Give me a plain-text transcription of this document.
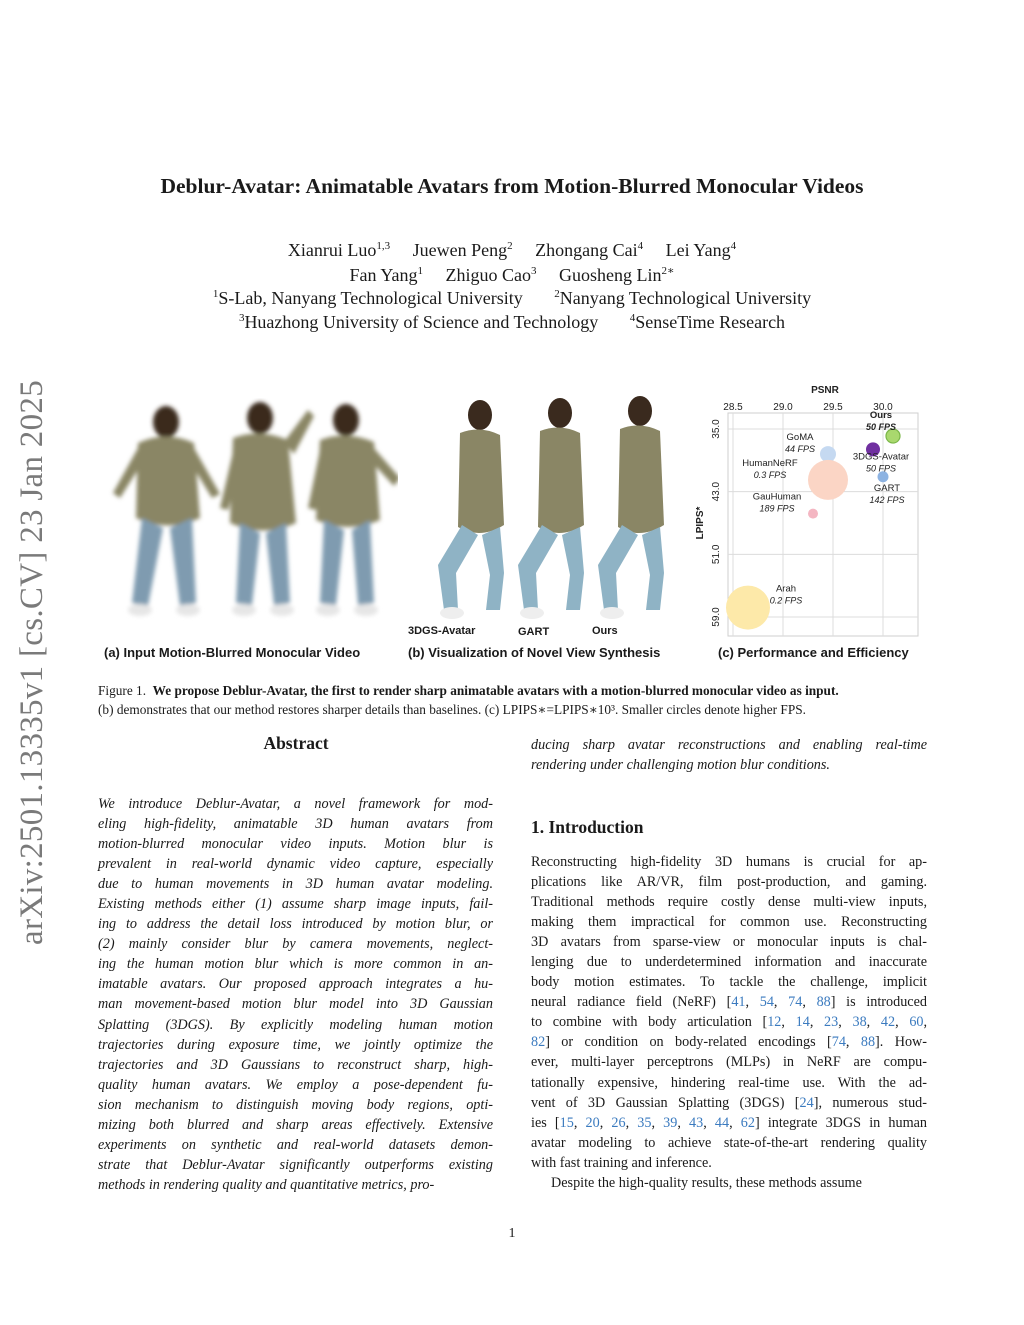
arXiv:2501.13335v1 [cs.CV] 23 Jan 2025
Deblur-Avatar: Animatable Avatars from Motion-Blurred Monocular Videos
Xianrui Luo$^{1,3}$ Juewen Peng$^2$ Zhongang Cai$^4$ Lei Yang$^4$
Fan Yang$^1$ Zhiguo Cao$^3$ Guosheng Lin$^{2∗}$
$^1$S-Lab, Nanyang Technological University	$^2$Nanyang Technological University
$^3$Huazhong University of Science and Technology	$^4$SenseTime Research
3DGS-Avatar	GART	Ours
PSNR
LPIPS*
28.5	29.0	29.5	30.0
35.0
43.0
51.0
59.0
Ours
50 FPS
3DGS-Avatar
50 FPS
GoMA
44 FPS
HumanNeRF
0.3 FPS
GART
142 FPS
GauHuman
189 FPS
Arah
0.2 FPS
(a) Input Motion-Blurred Monocular Video	(b) Visualization of Novel View Synthesis	(c) Performance and Efficiency
Figure 1. We propose Deblur-Avatar, the first to render sharp animatable avatars with a motion-blurred monocular video as input.
(b) demonstrates that our method restores sharper details than baselines. (c) LPIPS∗=LPIPS∗10³. Smaller circles denote higher FPS.
Abstract
We introduce Deblur-Avatar, a novel framework for mod-
eling high-fidelity, animatable 3D human avatars from
motion-blurred monocular video inputs. Motion blur is
prevalent in real-world dynamic video capture, especially
due to human movements in 3D human avatar modeling.
Existing methods either (1) assume sharp image inputs, fail-
ing to address the detail loss introduced by motion blur, or
(2) mainly consider blur by camera movements, neglect-
ing the human motion blur which is more common in an-
imatable avatars. Our proposed approach integrates a hu-
man movement-based motion blur model into 3D Gaussian
Splatting (3DGS). By explicitly modeling human motion
trajectories during exposure time, we jointly optimize the
trajectories and 3D Gaussians to reconstruct sharp, high-
quality human avatars. We employ a pose-dependent fu-
sion mechanism to distinguish moving body regions, opti-
mizing both blurred and sharp areas effectively. Extensive
experiments on synthetic and real-world datasets demon-
strate that Deblur-Avatar significantly outperforms existing
methods in rendering quality and quantitative metrics, pro-
ducing sharp avatar reconstructions and enabling real-time
rendering under challenging motion blur conditions.
1. Introduction
Reconstructing high-fidelity 3D humans is crucial for ap-
plications like AR/VR, film post-production, and gaming.
Traditional methods require costly dense multi-view inputs,
making them impractical for common use. Reconstructing
3D avatars from sparse-view or monocular inputs is chal-
lenging due to underdetermined information and inaccurate
body motion estimates. To tackle the challenge, implicit
neural radiance field (NeRF) [41, 54, 74, 88] is introduced
to combine with body articulation [12, 14, 23, 38, 42, 60,
82] or condition on body-related encodings [74, 88]. How-
ever, multi-layer perceptrons (MLPs) in NeRF are compu-
tationally expensive, hindering real-time use. With the ad-
vent of 3D Gaussian Splatting (3DGS) [24], numerous stud-
ies [15, 20, 26, 35, 39, 43, 44, 62] integrate 3DGS in human
avatar modeling to achieve state-of-the-art rendering quality
with fast training and inference.
Despite the high-quality results, these methods assume
1
